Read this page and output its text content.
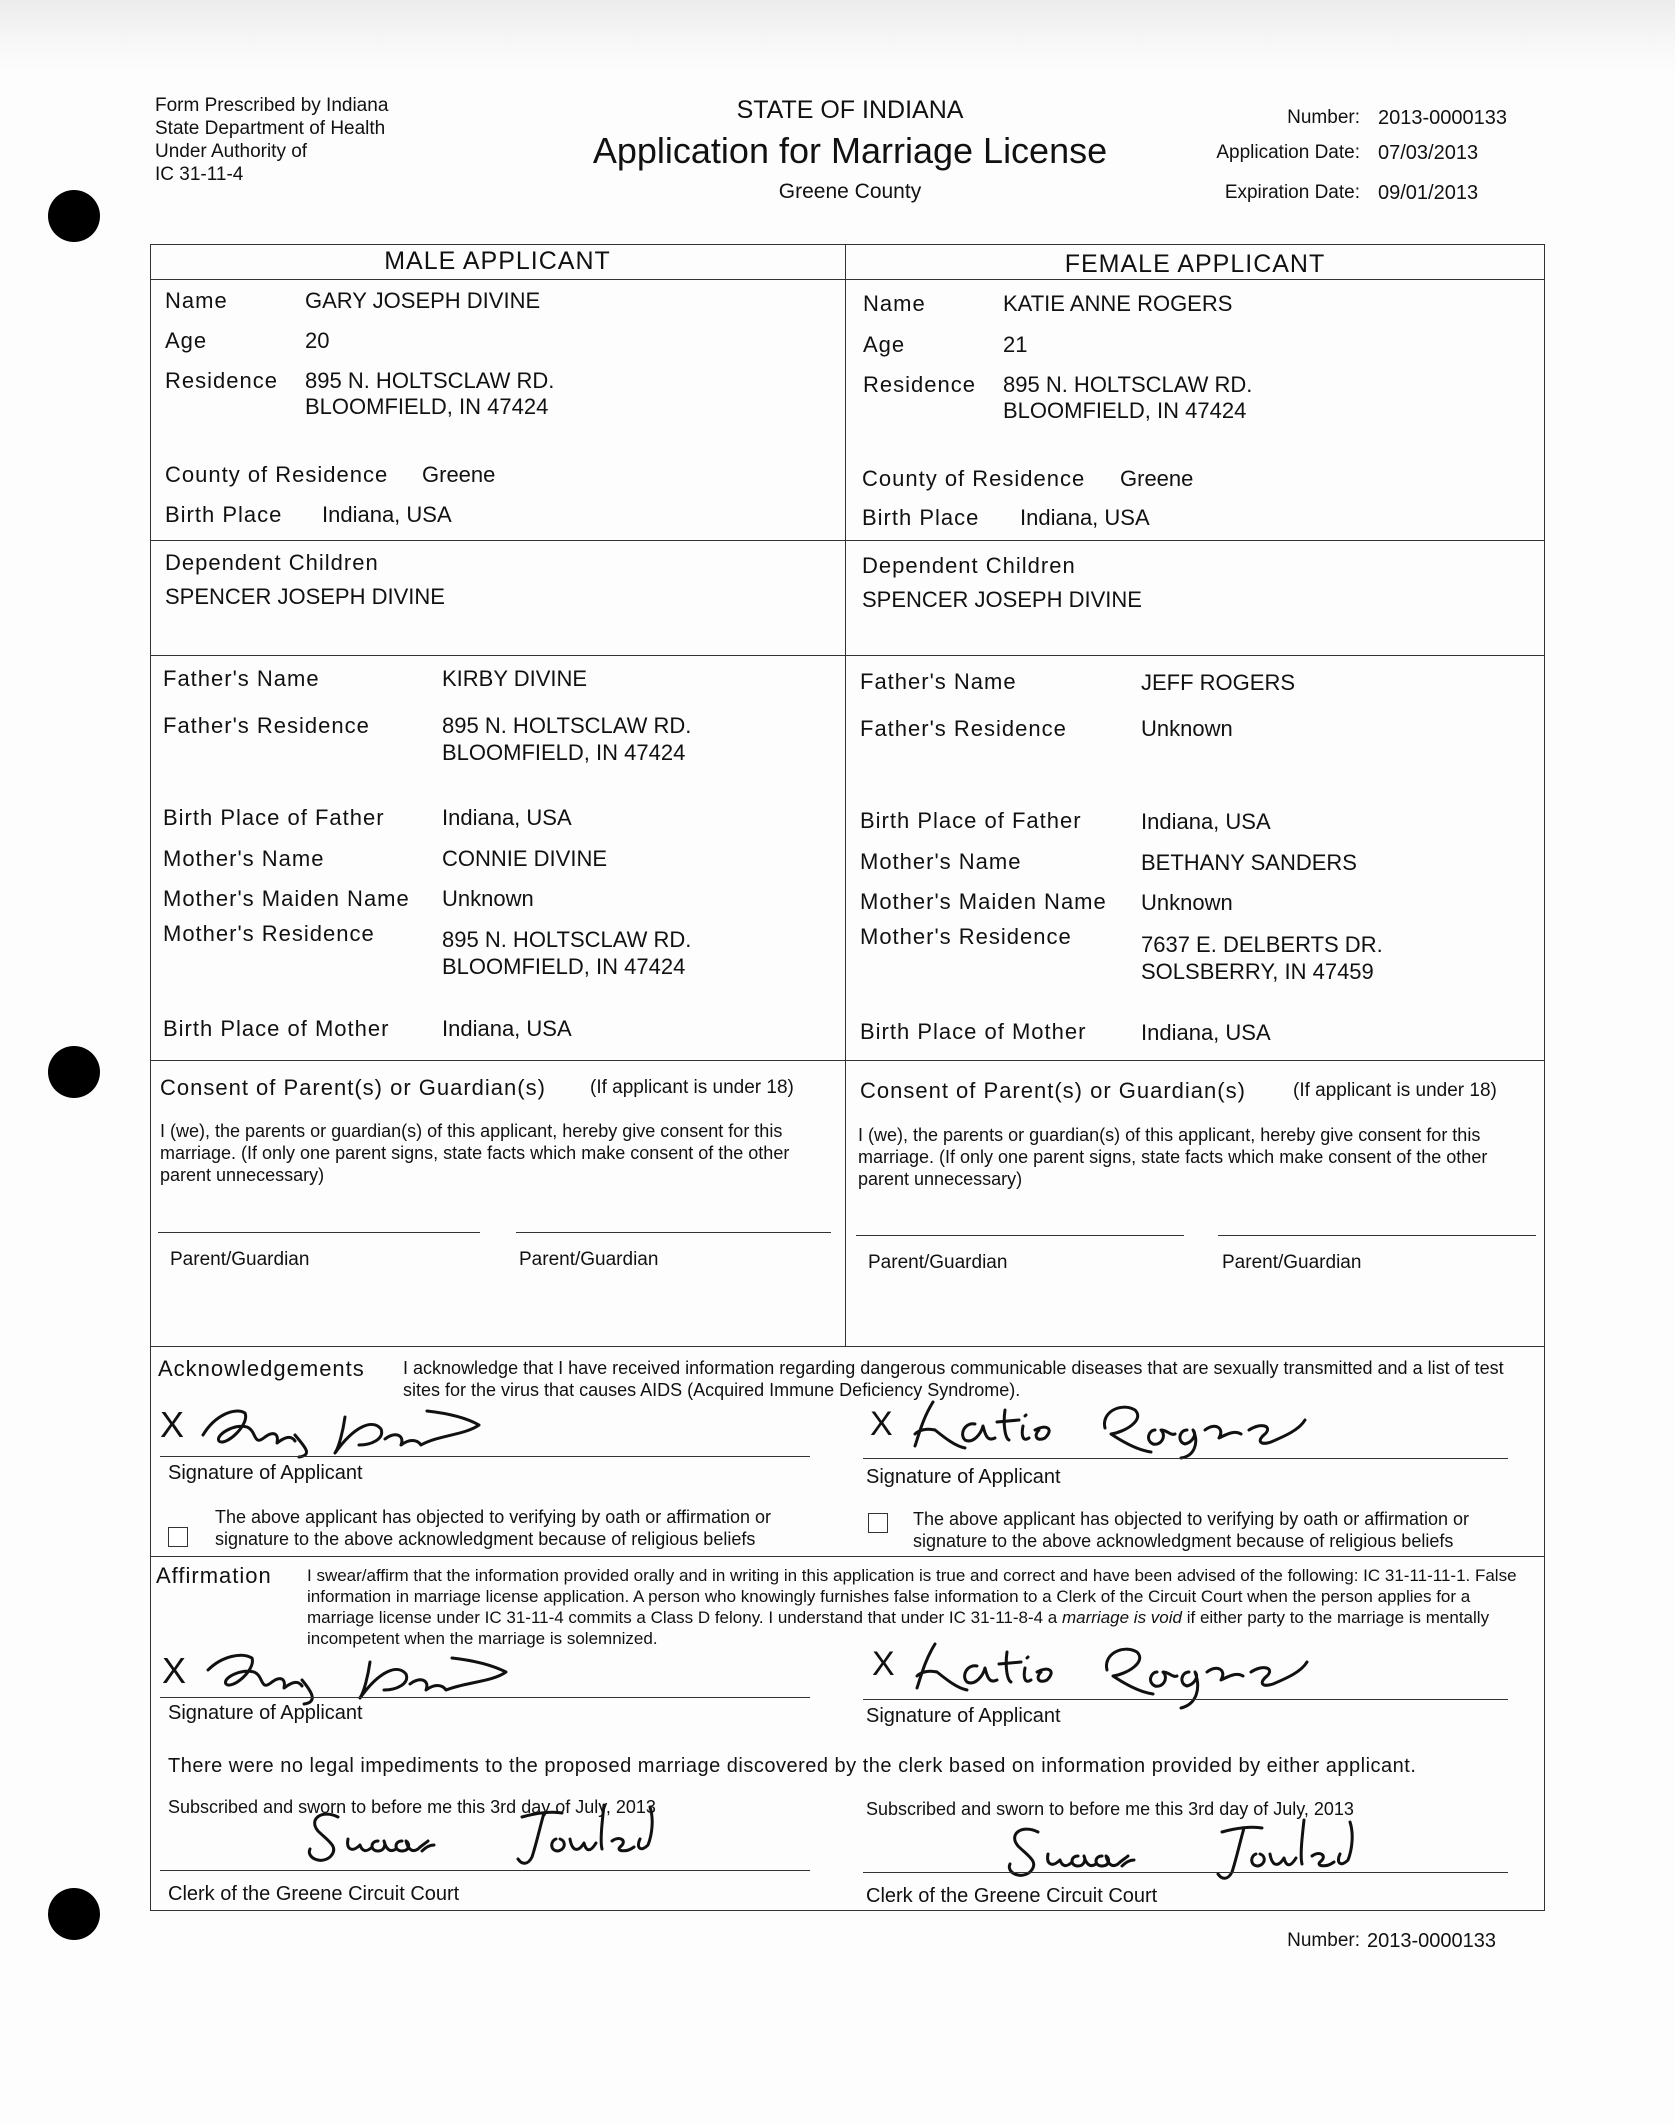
Form Prescribed by Indiana
State Department of Health
Under Authority of
IC 31-11-4
STATE OF INDIANA
Application for Marriage License
Greene County
Number: 2013-0000133
Application Date: 07/03/2013
Expiration Date: 09/01/2013
MALE APPLICANT
Name	GARY JOSEPH DIVINE
Age	20
Residence 895 N. HOLTSCLAW RD.
BLOOMFIELD, IN 47424
County of Residence Greene
Birth Place Indiana, USA
Dependent Children
SPENCER JOSEPH DIVINE
Father's Name	KIRBY DIVINE
Father's Residence	895 N. HOLTSCLAW RD.
BLOOMFIELD, IN 47424
Birth Place of Father	Indiana, USA
Mother's Name	CONNIE DIVINE
Mother's Maiden Name Unknown
Mother's Residence	895 N. HOLTSCLAW RD.
BLOOMFIELD, IN 47424
Birth Place of Mother Indiana, USA
FEMALE APPLICANT
Name	KATIE ANNE ROGERS
Age	21
Residence 895 N. HOLTSCLAW RD.
BLOOMFIELD, IN 47424
County of Residence Greene
Birth Place Indiana, USA
Dependent Children
SPENCER JOSEPH DIVINE
Father's Name	JEFF ROGERS
Father's Residence	Unknown
Birth Place of Father	Indiana, USA
Mother's Name	BETHANY SANDERS
Mother's Maiden Name Unknown
Mother's Residence	7637 E. DELBERTS DR.
SOLSBERRY, IN 47459
Birth Place of Mother Indiana, USA
Consent of Parent(s) or Guardian(s) (If applicant is under 18)
I (we), the parents or guardian(s) of this applicant, hereby give consent for this marriage. (If only one parent signs, state facts which make consent of the other parent unnecessary)
Parent/Guardian	Parent/Guardian
Consent of Parent(s) or Guardian(s) (If applicant is under 18)
I (we), the parents or guardian(s) of this applicant, hereby give consent for this marriage. (If only one parent signs, state facts which make consent of the other parent unnecessary)
Parent/Guardian	Parent/Guardian
Acknowledgements I acknowledge that I have received information regarding dangerous communicable diseases that are sexually transmitted and a list of test sites for the virus that causes AIDS (Acquired Immune Deficiency Syndrome).
X
Signature of Applicant
The above applicant has objected to verifying by oath or affirmation or signature to the above acknowledgment because of religious beliefs
X
Signature of Applicant
The above applicant has objected to verifying by oath or affirmation or signature to the above acknowledgment because of religious beliefs
Affirmation I swear/affirm that the information provided orally and in writing in this application is true and correct and have been advised of the following: IC 31-11-11-1. False information in marriage license application. A person who knowingly furnishes false information to a Clerk of the Circuit Court when the person applies for a marriage license under IC 31-11-4 commits a Class D felony. I understand that under IC 31-11-8-4 a marriage is void if either party to the marriage is mentally incompetent when the marriage is solemnized.
X
Signature of Applicant
X
Signature of Applicant
There were no legal impediments to the proposed marriage discovered by the clerk based on information provided by either applicant.
Subscribed and sworn to before me this 3rd day of July, 2013
Clerk of the Greene Circuit Court
Subscribed and sworn to before me this 3rd day of July, 2013
Clerk of the Greene Circuit Court
Number: 2013-0000133
